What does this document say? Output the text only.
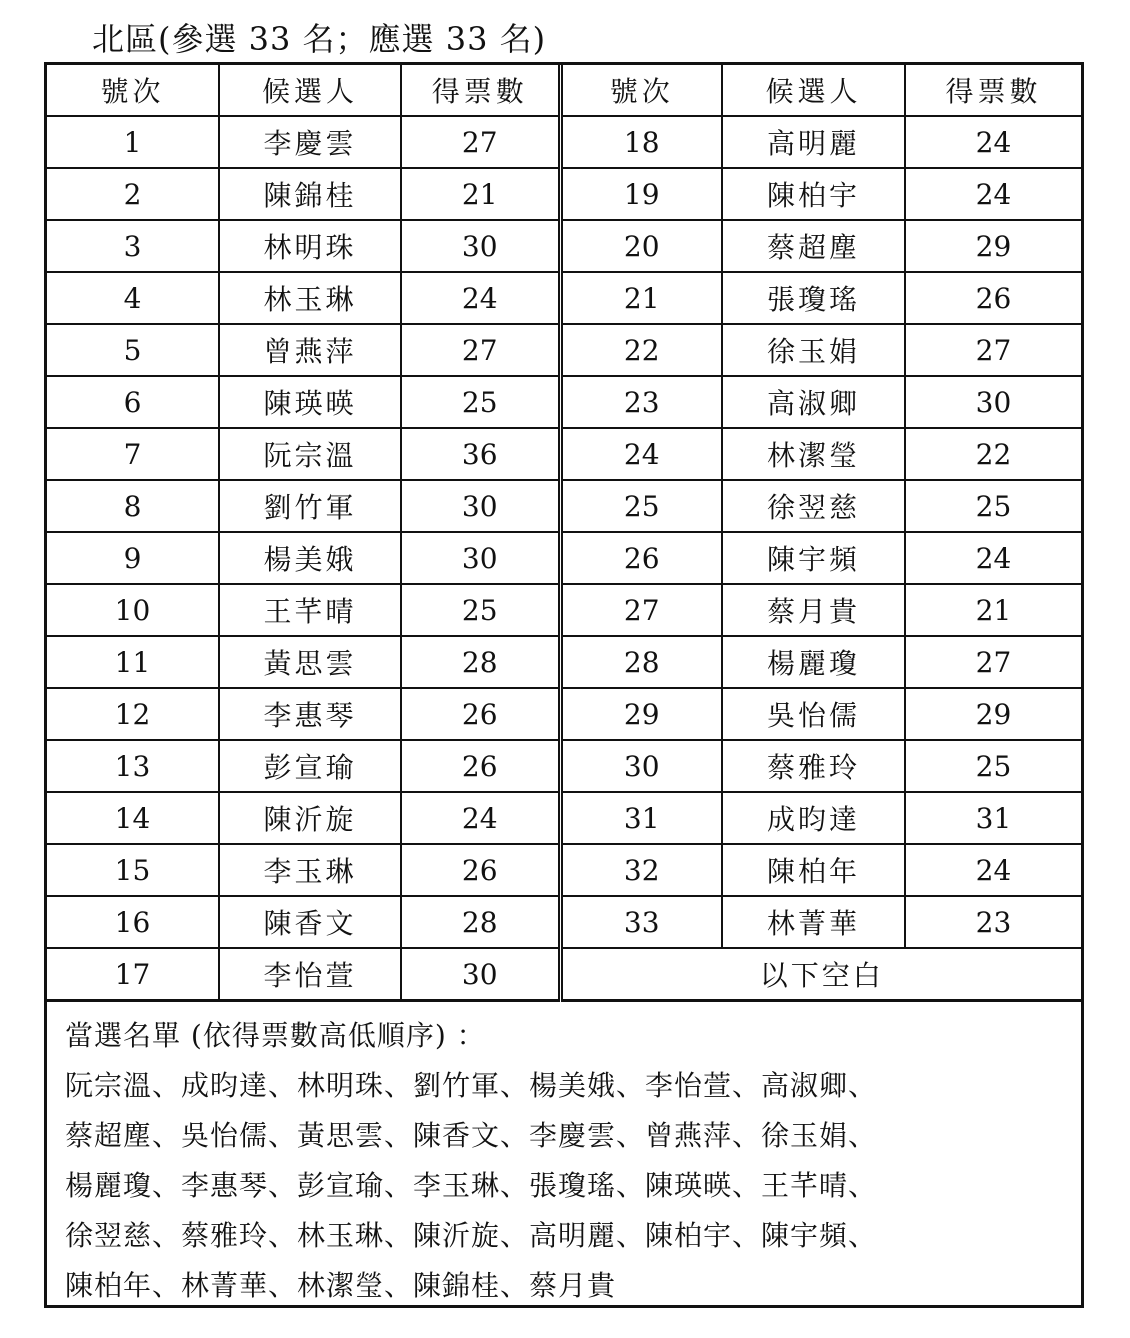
北區(參選 33 名；應選 33 名)
號次	候選人	得票數	號次	候選人	得票數
1	李慶雲	27	18	高明麗	24
2	陳錦桂	21	19	陳柏宇	24
3	林明珠	30	20	蔡超塵	29
4	林玉琳	24	21	張瓊瑤	26
5	曾燕萍	27	22	徐玉娟	27
6	陳瑛暎	25	23	高淑卿	30
7	阮宗溫	36	24	林潔瑩	22
8	劉竹軍	30	25	徐翌慈	25
9	楊美娥	30	26	陳宇頻	24
10	王芊晴	25	27	蔡月貴	21
11	黃思雲	28	28	楊麗瓊	27
12	李惠琴	26	29	吳怡儒	29
13	彭宣瑜	26	30	蔡雅玲	25
14	陳沂旋	24	31	成昀達	31
15	李玉琳	26	32	陳柏年	24
16	陳香文	28	33	林菁華	23
17	李怡萱	30	以下空白		
當選名單 (依得票數高低順序) ：
阮宗溫、成昀達、林明珠、劉竹軍、楊美娥、李怡萱、高淑卿、
蔡超塵、吳怡儒、黃思雲、陳香文、李慶雲、曾燕萍、徐玉娟、
楊麗瓊、李惠琴、彭宣瑜、李玉琳、張瓊瑤、陳瑛暎、王芊晴、
徐翌慈、蔡雅玲、林玉琳、陳沂旋、高明麗、陳柏宇、陳宇頻、
陳柏年、林菁華、林潔瑩、陳錦桂、蔡月貴
